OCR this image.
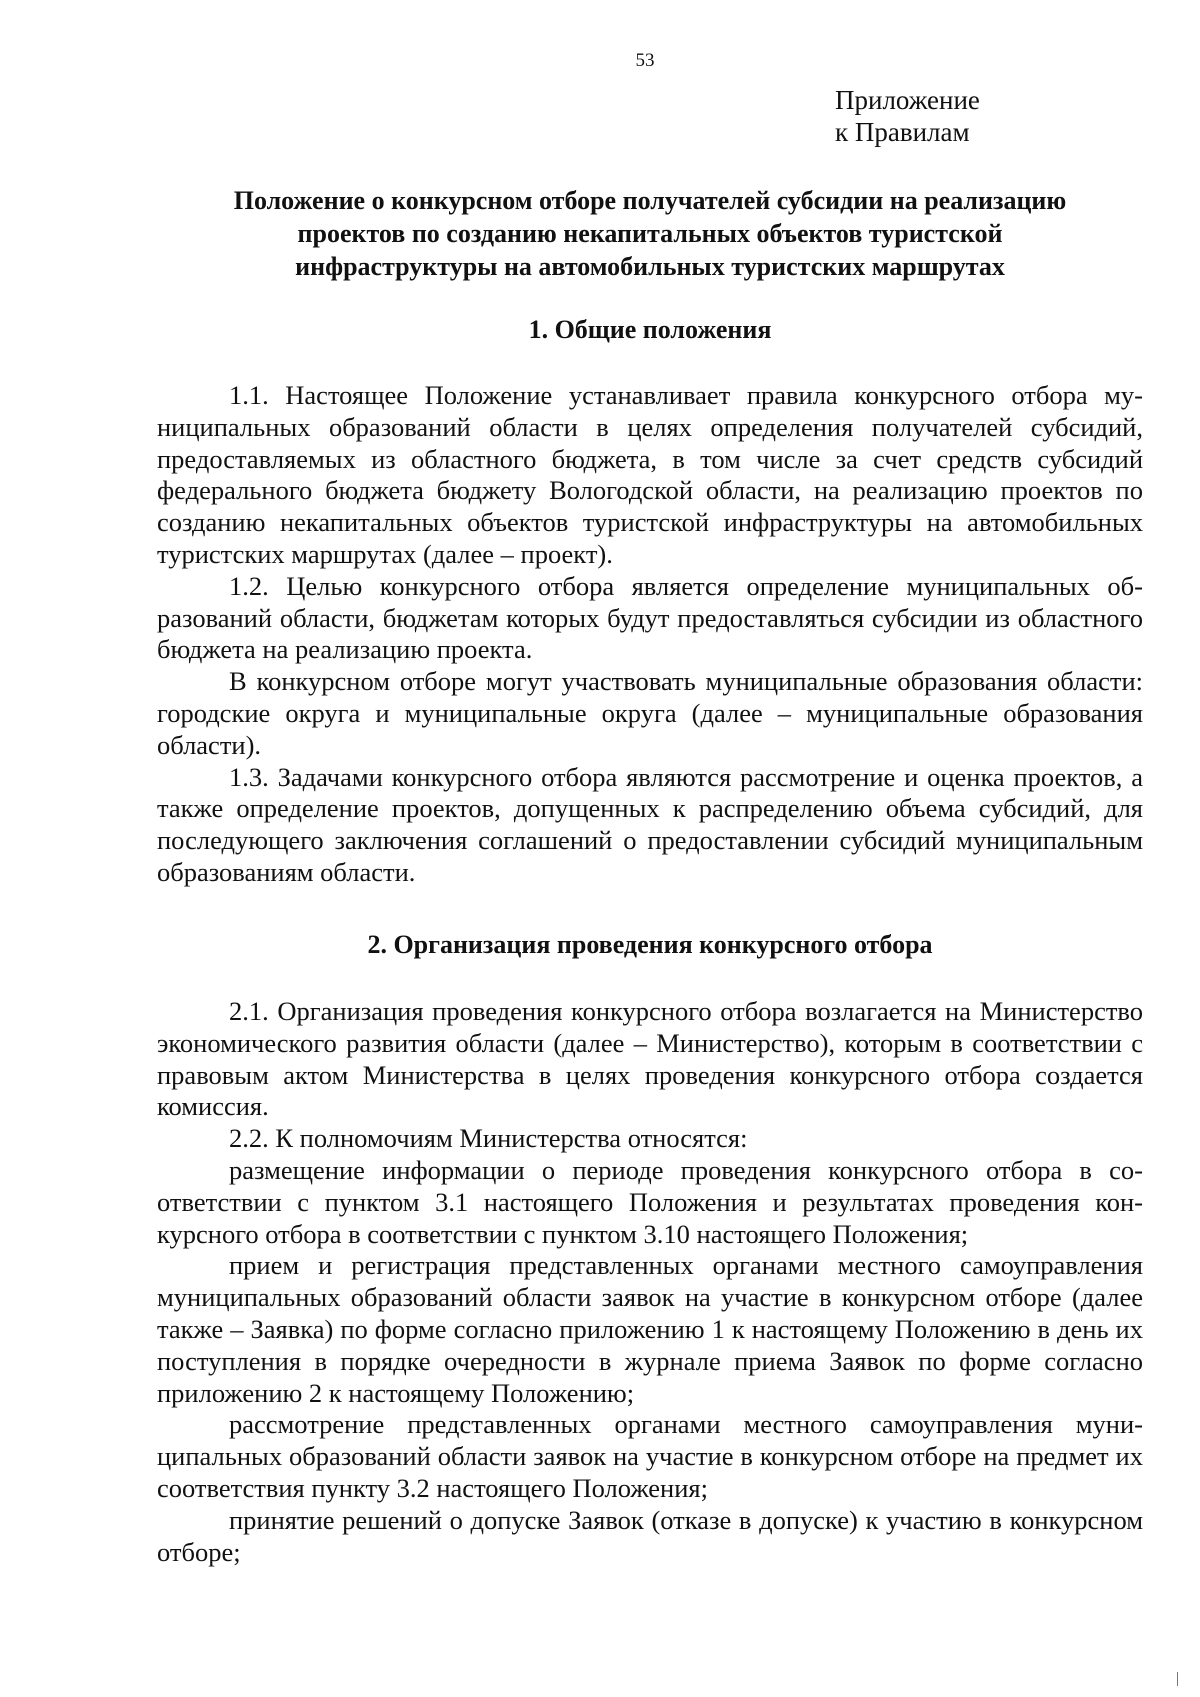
53

Приложение
к Правилам
Положение о конкурсном отборе получателей субсидии на реализацию
проектов по созданию некапитальных объектов туристской
инфраструктуры на автомобильных туристских маршрутах
1. Общие положения

1.1. Настоящее Положение устанавливает правила конкурсного отбора муниципальных образований области в целях определения получателей субсидий, предоставляемых из областного бюджета, в том числе за счет средств субсидий федерального бюджета бюджету Вологодской области, на реализацию проектов по созданию некапитальных объектов туристской инфраструктуры на автомобильных туристских маршрутах (далее – проект).

1.2. Целью конкурсного отбора является определение муниципальных образований области, бюджетам которых будут предоставляться субсидии из областного бюджета на реализацию проекта.

В конкурсном отборе могут участвовать муниципальные образования области: городские округа и муниципальные округа (далее – муниципальные образования области).

1.3. Задачами конкурсного отбора являются рассмотрение и оценка проектов, а также определение проектов, допущенных к распределению объема субсидий, для последующего заключения соглашений о предоставлении субсидий муниципальным образованиям области.

2. Организация проведения конкурсного отбора

2.1. Организация проведения конкурсного отбора возлагается на Министерство экономического развития области (далее – Министерство), которым в соответствии с правовым актом Министерства в целях проведения конкурсного отбора создается комиссия.

2.2. К полномочиям Министерства относятся:

размещение информации о периоде проведения конкурсного отбора в соответствии с пунктом 3.1 настоящего Положения и результатах проведения конкурсного отбора в соответствии с пунктом 3.10 настоящего Положения;

прием и регистрация представленных органами местного самоуправления муниципальных образований области заявок на участие в конкурсном отборе (далее также – Заявка) по форме согласно приложению 1 к настоящему Положению в день их поступления в порядке очередности в журнале приема Заявок по форме согласно приложению 2 к настоящему Положению;

рассмотрение представленных органами местного самоуправления муниципальных образований области заявок на участие в конкурсном отборе на предмет их соответствия пункту 3.2 настоящего Положения;

принятие решений о допуске Заявок (отказе в допуске) к участию в конкурсном отборе;
